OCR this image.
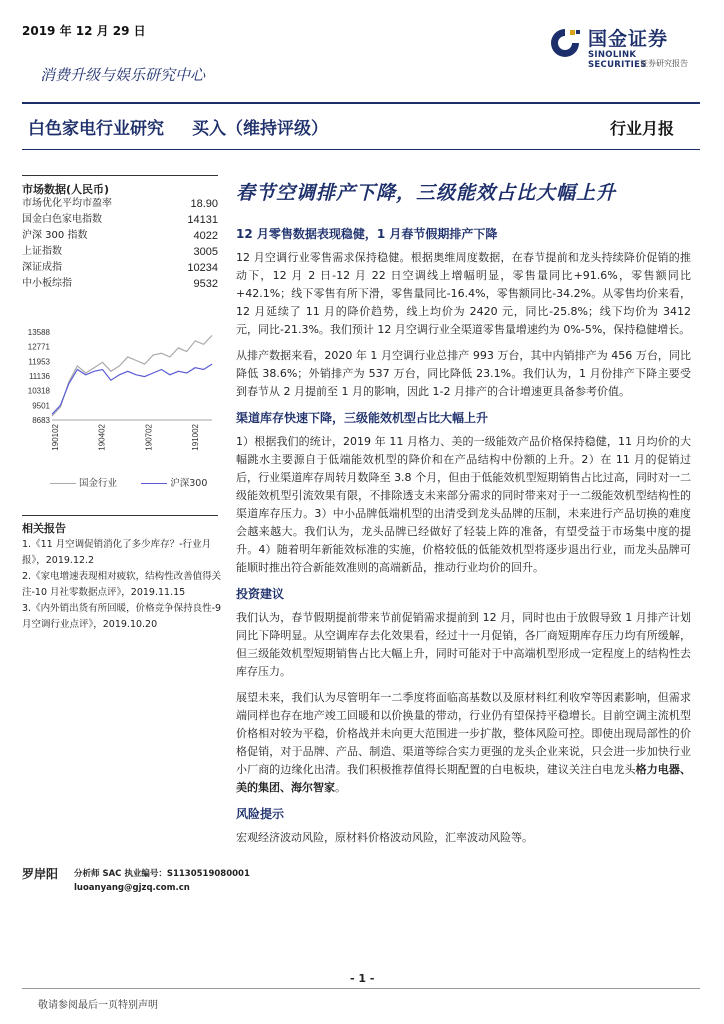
2019 年 12 月 29 日	国金证券
SINOLINK SECURITIES
证券研究报告
消费升级与娱乐研究中心
白色家电行业研究 买入（维持评级）	行业月报
春节空调排产下降，三级能效占比大幅上升
市场数据(人民币)
市场优化平均市盈率	18.90
国金白色家电指数	14131
沪深 300 指数	4022
上证指数	3005
深证成指	10234
中小板综指	9532
13588
12771
11953
11136
10318
9501
8683
190102	190402	190702	191002
国金行业	沪深300
相关报告
1.《11 月空调促销消化了多少库存？-行业月报》，2019.12.2
2.《家电增速表现相对疲软，结构性改善值得关注-10 月社零数据点评》，2019.11.15
3.《内外销出货有所回暖，价格竞争保持良性-9 月空调行业点评》，2019.10.20
罗岸阳 分析师 SAC 执业编号：S1130519080001
luoanyang@gjzq.com.cn
12 月零售数据表现稳健，1 月春节假期排产下降

12 月空调行业零售需求保持稳健。根据奥维周度数据，在春节提前和龙头持续降价促销的推动下，12 月 2 日-12 月 22 日空调线上增幅明显，零售量同比+91.6%，零售额同比+42.1%；线下零售有所下滑，零售量同比-16.4%，零售额同比-34.2%。从零售均价来看，12 月延续了 11 月的降价趋势，线上均价为 2420 元，同比-25.8%；线下均价为 3412 元，同比-21.3%。我们预计 12 月空调行业全渠道零售量增速约为 0%-5%，保持稳健增长。

从排产数据来看，2020 年 1 月空调行业总排产 993 万台，其中内销排产为 456 万台，同比降低 38.6%；外销排产为 537 万台，同比降低 23.1%。我们认为，1 月份排产下降主要受到春节从 2 月提前至 1 月的影响，因此 1-2 月排产的合计增速更具备参考价值。

渠道库存快速下降，三级能效机型占比大幅上升

1）根据我们的统计，2019 年 11 月格力、美的一级能效产品价格保持稳健，11 月均价的大幅跳水主要源自于低端能效机型的降价和在产品结构中份额的上升。2）在 11 月的促销过后，行业渠道库存周转月数降至 3.8 个月，但由于低能效机型短期销售占比过高，同时对一二级能效机型引流效果有限，不排除透支未来部分需求的同时带来对于一二级能效机型结构性的渠道库存压力。3）中小品牌低端机型的出清受到龙头品牌的压制，未来进行产品切换的难度会越来越大。我们认为，龙头品牌已经做好了轻装上阵的准备，有望受益于市场集中度的提升。4）随着明年新能效标准的实施，价格较低的低能效机型将逐步退出行业，而龙头品牌可能顺时推出符合新能效准则的高端新品，推动行业均价的回升。

投资建议

我们认为，春节假期提前带来节前促销需求提前到 12 月，同时也由于放假导致 1 月排产计划同比下降明显。从空调库存去化效果看，经过十一月促销，各厂商短期库存压力均有所缓解，但三级能效机型短期销售占比大幅上升，同时可能对于中高端机型形成一定程度上的结构性去库存压力。

展望未来，我们认为尽管明年一二季度将面临高基数以及原材料红利收窄等因素影响，但需求端同样也存在地产竣工回暖和以价换量的带动，行业仍有望保持平稳增长。目前空调主流机型价格相对较为平稳，价格战并未向更大范围进一步扩散，整体风险可控。即使出现局部性的价格促销，对于品牌、产品、制造、渠道等综合实力更强的龙头企业来说，只会进一步加快行业小厂商的边缘化出清。我们积极推荐值得长期配置的白电板块，建议关注白电龙头格力电器、美的集团、海尔智家。

风险提示

宏观经济波动风险，原材料价格波动风险，汇率波动风险等。

- 1 -
敬请参阅最后一页特别声明
